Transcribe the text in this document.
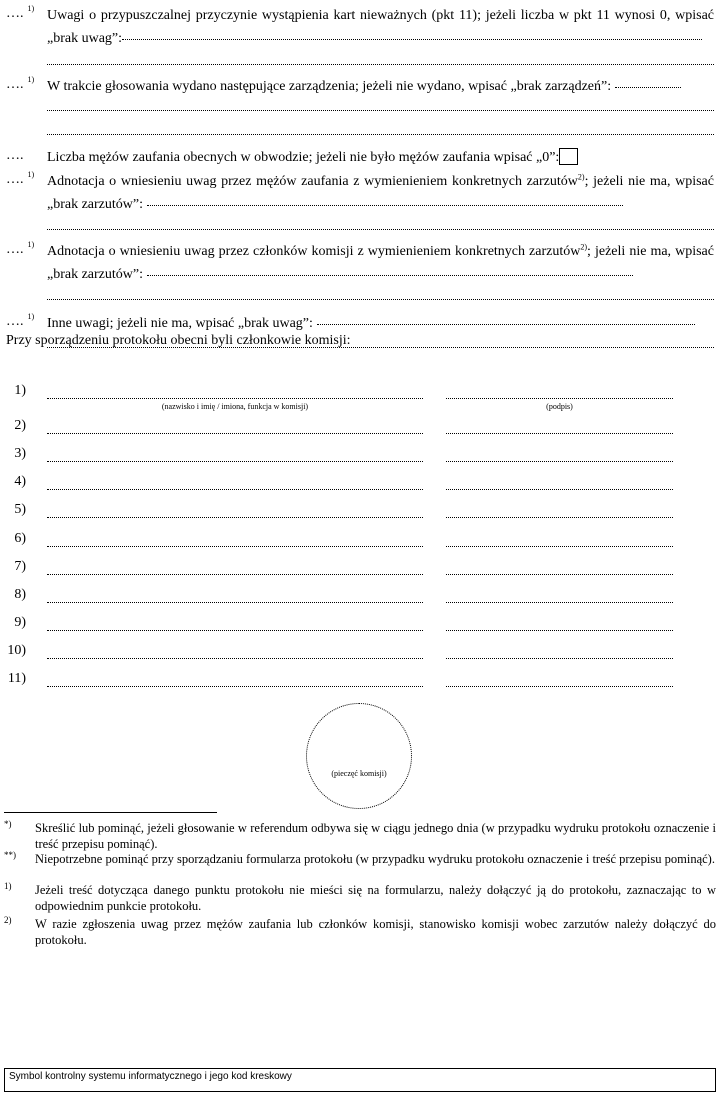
…. $^{1)}$ Uwagi o przypuszczalnej przyczynie wystąpienia kart nieważnych (pkt 11); jeżeli liczba w pkt 11 wynosi 0, wpisać „brak uwag”:
…. $^{1)}$ W trakcie głosowania wydano następujące zarządzenia; jeżeli nie wydano, wpisać „brak zarządzeń”:
…. Liczba mężów zaufania obecnych w obwodzie; jeżeli nie było mężów zaufania wpisać „0”:
…. $^{1)}$ Adnotacja o wniesieniu uwag przez mężów zaufania z wymienieniem konkretnych zarzutów$^{2)}$; jeżeli nie ma, wpisać „brak zarzutów”:
…. $^{1)}$ Adnotacja o wniesieniu uwag przez członków komisji z wymienieniem konkretnych zarzutów$^{2)}$; jeżeli nie ma, wpisać „brak zarzutów”:
…. $^{1)}$ Inne uwagi; jeżeli nie ma, wpisać „brak uwag”:
Przy sporządzeniu protokołu obecni byli członkowie komisji:
1)
(nazwisko i imię / imiona, funkcja w komisji)	(podpis)
2)
3)
4)
5)
6)
7)
8)
9)
10)
11)
(pieczęć komisji)
*) Skreślić lub pominąć, jeżeli głosowanie w referendum odbywa się w ciągu jednego dnia (w przypadku wydruku protokołu oznaczenie i treść przepisu pominąć).
**) Niepotrzebne pominąć przy sporządzaniu formularza protokołu (w przypadku wydruku protokołu oznaczenie i treść przepisu pominąć).
1) Jeżeli treść dotycząca danego punktu protokołu nie mieści się na formularzu, należy dołączyć ją do protokołu, zaznaczając to w odpowiednim punkcie protokołu.
2) W razie zgłoszenia uwag przez mężów zaufania lub członków komisji, stanowisko komisji wobec zarzutów należy dołączyć do protokołu.
Symbol kontrolny systemu informatycznego i jego kod kreskowy
